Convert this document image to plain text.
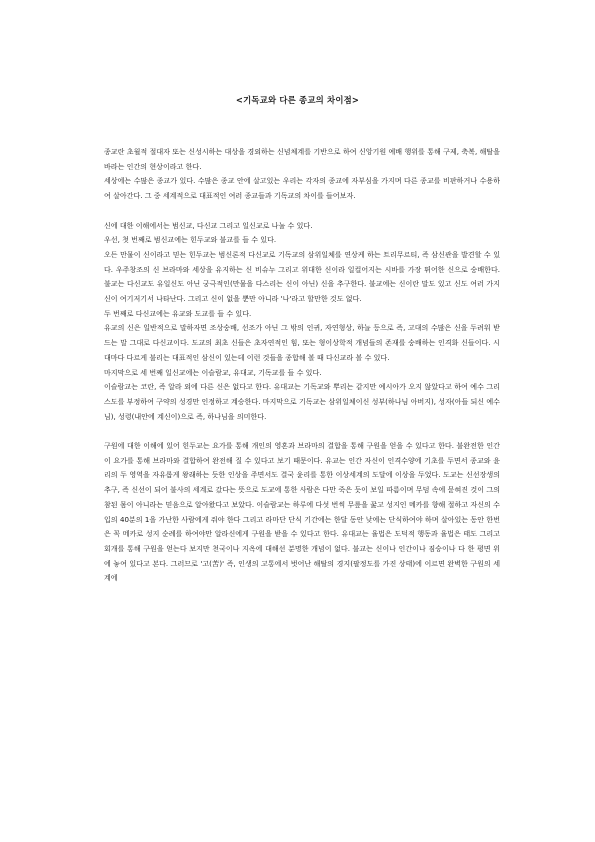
<기독교와 다른 종교의 차이점>

종교란 초월적 절대자 또는 신성시하는 대상을 경외하는 신념체계를 기반으로 하여 신앙기원 예배 행위를 통해 구제, 축복, 해탈을 바라는 인간의 현상이라고 한다.

세상에는 수많은 종교가 있다. 수많은 종교 안에 살고있는 우리는 각자의 종교에 자부심을 가지며 다른 종교를 비판하거나 수용하여 살아간다. 그 중 세계적으로 대표적인 여러 종교들과 기독교의 차이를 들어보자.

신에 대한 이해에서는 범신교, 다신교 그리고 일신교로 나눌 수 있다.

우선, 첫 번째로 범신교에는 힌두교와 불교를 들 수 있다.

오든 만물이 신이라고 믿는 힌두교는 범신론적 다신교로 기독교의 삼위일체를 연상케 하는 트리무르티, 즉 삼신관을 발견할 수 있다. 우주창조의 신 브라마와 세상을 유지하는 신 비슈누 그리고 위대한 신이라 일컬어지는 시바를 가장 뛰어한 신으로 숭배한다. 불교는 다신교도 유일신도 아닌 궁극적인(만물을 다스리는 신이 아닌) 신을 추구한다. 불교에는 신이란 말도 있고 신도 여러 가지 신이 여기저기서 나타난다. 그리고 신이 없을 뿐만 아니라 '나'라고 할만한 것도 없다.

두 번째로 다신교에는 유교와 도교를 들 수 있다.

유교의 신은 일반적으로 말하자면 조상숭배, 선조가 아닌 그 밖의 인귀, 자연형상, 하늘 등으로 즉, 고대의 수많은 신을 두려워 받드는 말 그대로 다신교이다. 도교의 최초 신들은 초자연적인 힘, 또는 형이상학적 개념들의 존재를 숭배하는 인격화 신들이다. 시대마다 다르게 불리는 대표적인 삼신이 있는데 이런 것들을 종합해 볼 때 다신교라 볼 수 있다.

마지막으로 세 번째 일신교에는 이슬람교, 유대교, 기독교를 들 수 있다.

이슬람교는 코란, 즉 알라 외에 다른 신은 없다고 한다. 유대교는 기독교와 뿌리는 같지만 예시아가 오지 않았다고 하여 예수 그리스도를 부정하여 구약의 성경만 인정하고 계승한다. 마지막으로 기독교는 삼위일체이신 성부(하나님 아버지), 성자(아들 되신 예수님), 성령(내안에 계신이)으로 즉, 하나님을 의미한다.

구원에 대한 이해에 있어 힌두교는 요가를 통해 개인의 영혼과 브라마의 결합을 통해 구원을 얻을 수 있다고 한다. 불완전한 인간이 요가를 통해 브라마와 결합하여 완전해 질 수 있다고 보기 때문이다. 유교는 인간 자신이 인격수양에 기초를 두면서 종교와 윤리의 두 영역을 자유롭게 왕래하는 듯한 인상을 주면서도 결국 윤리를 통한 이상세계의 도달에 이상을 두었다. 도교는 신선장생의 추구, 즉 신선이 되어 불사의 세계로 갔다는 뜻으로 도교에 통한 사람은 다만 죽은 듯이 보일 따름이며 무덤 속에 묻혀진 것이 그의 참된 몸이 아니라는 믿음으로 알아왔다고 보았다. 이슬람교는 하루에 다섯 번씩 무릎을 꿇고 성지인 메카를 향해 절하고 자신의 수입의 40분의 1을 가난한 사람에게 줘야 한다 그리고 라마단 단식 기간에는 한달 동안 낮에는 단식하여야 하며 살아있는 동안 한번은 꼭 메카로 성지 순례를 하여야만 알라신에게 구원을 받을 수 있다고 한다. 유대교는 율법은 도덕적 행동과 율법은 태도 그리고 회개를 통해 구원을 얻는다 보지만 천국이나 지옥에 대해선 분명한 개념이 없다. 불교는 신이나 인간이나 짐승이나 다 한 평면 위에 놓여 있다고 본다. 그러므로 '고(苦)' 즉, 인생의 고통에서 벗어난 해탈의 경지(팔정도를 가진 상태)에 이르면 완벽한 구원의 세계에
